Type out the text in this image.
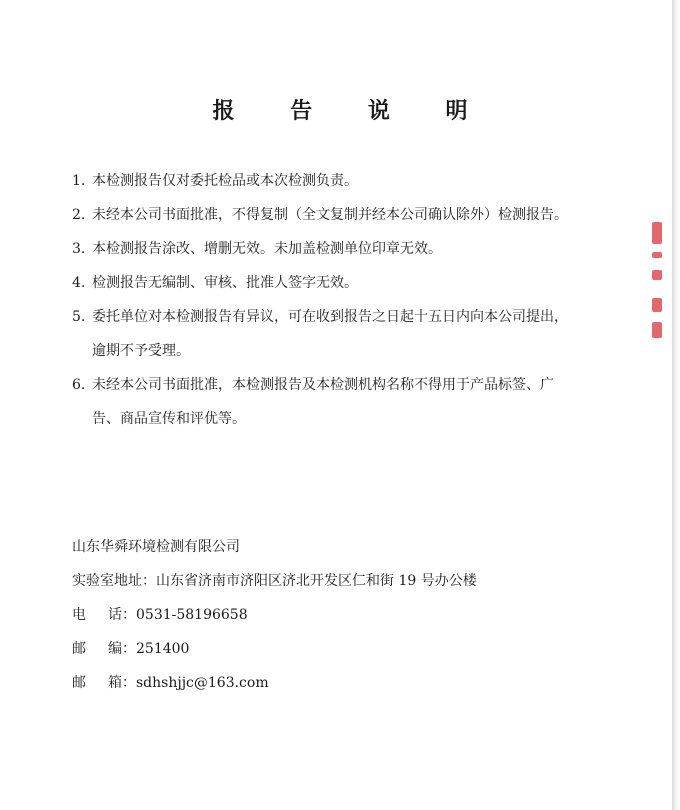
报 告 说 明
1. 本检测报告仅对委托检品或本次检测负责。
2. 未经本公司书面批准，不得复制（全文复制并经本公司确认除外）检测报告。
3. 本检测报告涂改、增删无效。未加盖检测单位印章无效。
4. 检测报告无编制、审核、批准人签字无效。
5. 委托单位对本检测报告有异议，可在收到报告之日起十五日内向本公司提出，
逾期不予受理。
6. 未经本公司书面批准，本检测报告及本检测机构名称不得用于产品标签、广
告、商品宣传和评优等。
山东华舜环境检测有限公司
实验室地址： 山东省济南市济阳区济北开发区仁和街 19 号办公楼
电 话： 0531-58196658
邮 编： 251400
邮 箱： sdhshjjc@163.com
